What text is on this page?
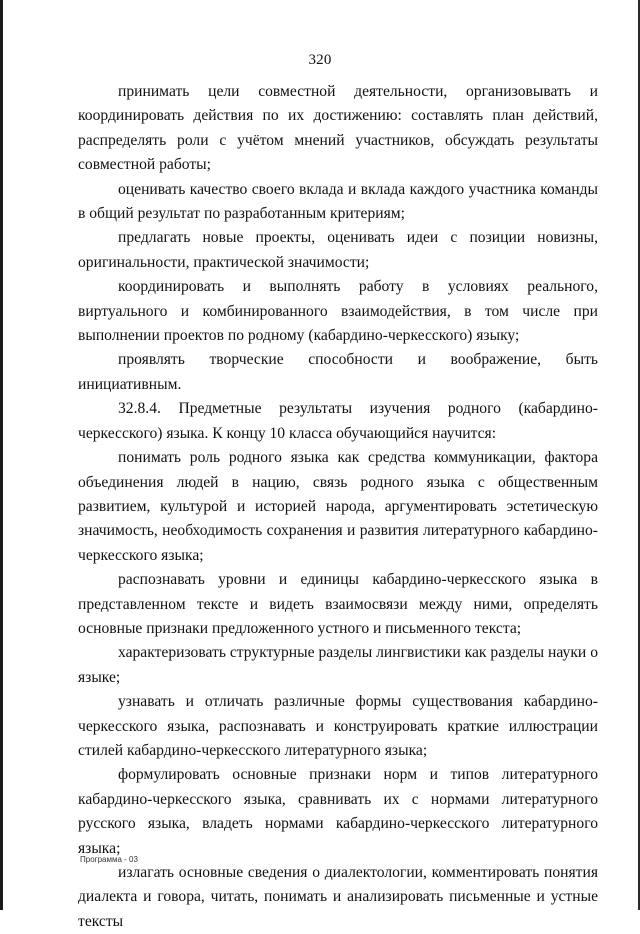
320

принимать цели совместной деятельности, организовывать и координировать действия по их достижению: составлять план действий, распределять роли с учётом мнений участников, обсуждать результаты совместной работы;

оценивать качество своего вклада и вклада каждого участника команды в общий результат по разработанным критериям;

предлагать новые проекты, оценивать идеи с позиции новизны, оригинальности, практической значимости;

координировать и выполнять работу в условиях реального, виртуального и комбинированного взаимодействия, в том числе при выполнении проектов по родному (кабардино-черкесского) языку;

проявлять творческие способности и воображение, быть инициативным.

32.8.4. Предметные результаты изучения родного (кабардино-черкесского) языка. К концу 10 класса обучающийся научится:

понимать роль родного языка как средства коммуникации, фактора объединения людей в нацию, связь родного языка с общественным развитием, культурой и историей народа, аргументировать эстетическую значимость, необходимость сохранения и развития литературного кабардино-черкесского языка;

распознавать уровни и единицы кабардино-черкесского языка в представленном тексте и видеть взаимосвязи между ними, определять основные признаки предложенного устного и письменного текста;

характеризовать структурные разделы лингвистики как разделы науки о языке;

узнавать и отличать различные формы существования кабардино-черкесского языка, распознавать и конструировать краткие иллюстрации стилей кабардино-черкесского литературного языка;

формулировать основные признаки норм и типов литературного кабардино-черкесского языка, сравнивать их с нормами литературного русского языка, владеть нормами кабардино-черкесского литературного языка;

излагать основные сведения о диалектологии, комментировать понятия диалекта и говора, читать, понимать и анализировать письменные и устные тексты

Программа - 03
